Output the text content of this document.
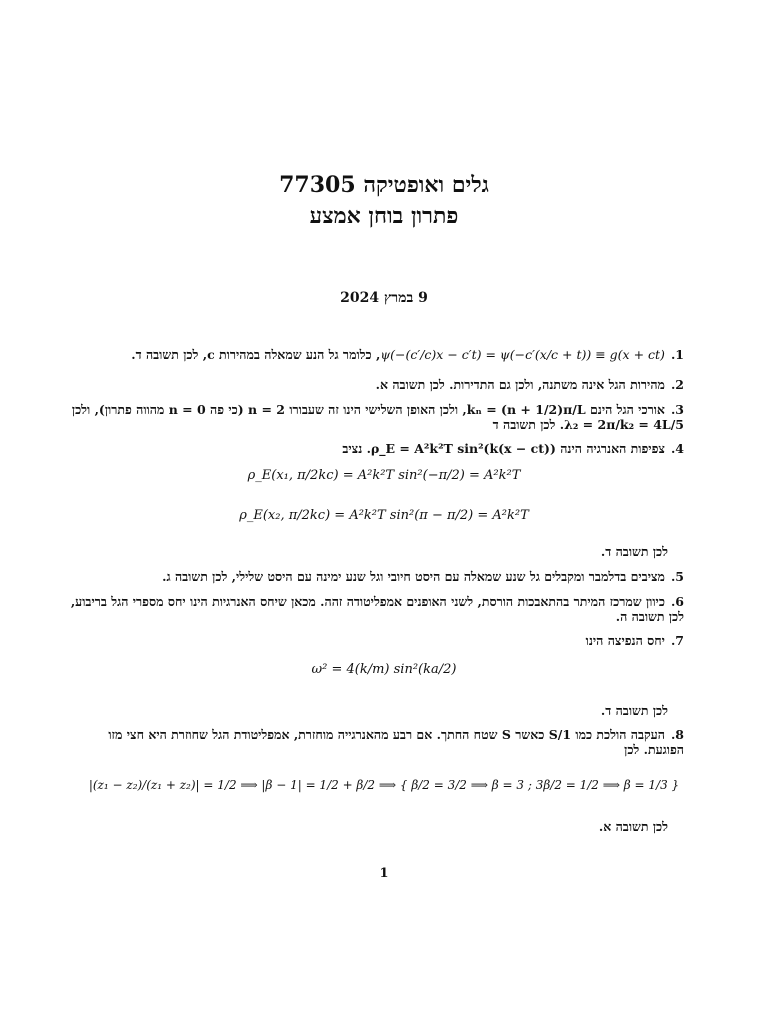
גלים ואופטיקה 77305
פתרון בוחן אמצע
9 במרץ 2024
1.ψ(−(c′/c)x − c′t) = ψ(−c′(x/c + t)) ≡ g(x + ct), כלומר גל הנע שמאלה במהירות c, לכן תשובה ד.
2.מהירות הגל אינה משתנה, ולכן גם התדירות. לכן תשובה א.
3.אורכי הגל הינם kₙ = (n + 1/2)π/L, ולכן האופן השלישי הינו זה שעבורו n = 2 (כי פה n = 0 מהווה פתרון), ולכן λ₂ = 2π/k₂ = 4L/5. לכן תשובה ד
4.צפיפות האנרגיה הינה ρ_E = A²k²T sin²(k(x − ct)). נציב
ρ_E(x₁, π/2kc) = A²k²T sin²(−π/2) = A²k²T
ρ_E(x₂, π/2kc) = A²k²T sin²(π − π/2) = A²k²T
לכן תשובה ד.
5.מציבים בדלמבר ומקבלים גל שנע שמאלה עם היסט חיובי וגל שנע ימינה עם היסט שלילי, לכן תשובה ג.
6.כיוון שמרכז המיתר בהתאבכות הורסת, לשני האופנים אמפליטודה זהה. מכאן שיחס האנרגיות הינו יחס מספרי הגל בריבוע, לכן תשובה ה.
7.יחס הנפיצה הינו
ω² = 4(k/m) sin²(ka/2)
לכן תשובה ד.
8.העקבה הולכת כמו 1/S כאשר S שטח החתך. אם רבע מהאנרגייה מוחזרת, אמפליטודת הגל שחוזרת היא חצי מזו הפוגעת. לכן
|(z₁ − z₂)/(z₁ + z₂)| = 1/2 ⟹ |β − 1| = 1/2 + β/2 ⟹ { β/2 = 3/2 ⟹ β = 3 ; 3β/2 = 1/2 ⟹ β = 1/3 }
לכן תשובה א.
1
